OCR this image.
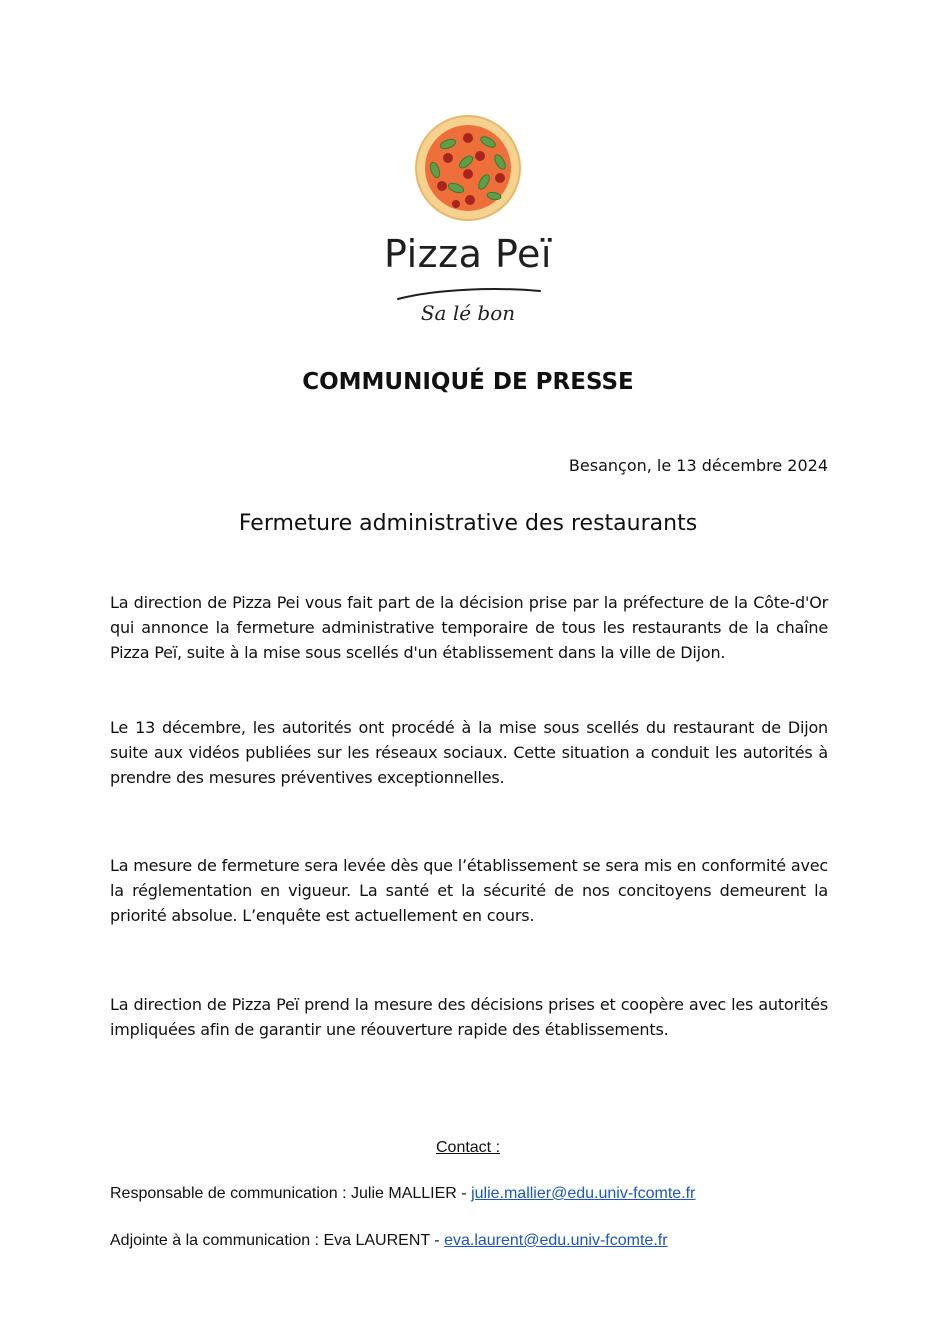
Pizza Peï
Sa lé bon
COMMUNIQUÉ DE PRESSE
Besançon, le 13 décembre 2024
Fermeture administrative des restaurants

La direction de Pizza Pei vous fait part de la décision prise par la préfecture de la Côte-d'Or qui annonce la fermeture administrative temporaire de tous les restaurants de la chaîne Pizza Peï, suite à la mise sous scellés d'un établissement dans la ville de Dijon.

Le 13 décembre, les autorités ont procédé à la mise sous scellés du restaurant de Dijon suite aux vidéos publiées sur les réseaux sociaux. Cette situation a conduit les autorités à prendre des mesures préventives exceptionnelles.

La mesure de fermeture sera levée dès que l’établissement se sera mis en conformité avec la réglementation en vigueur. La santé et la sécurité de nos concitoyens demeurent la priorité absolue. L’enquête est actuellement en cours.

La direction de Pizza Peï prend la mesure des décisions prises et coopère avec les autorités impliquées afin de garantir une réouverture rapide des établissements.

Contact :
Responsable de communication : Julie MALLIER - julie.mallier@edu.univ-fcomte.fr
Adjointe à la communication : Eva LAURENT - eva.laurent@edu.univ-fcomte.fr
